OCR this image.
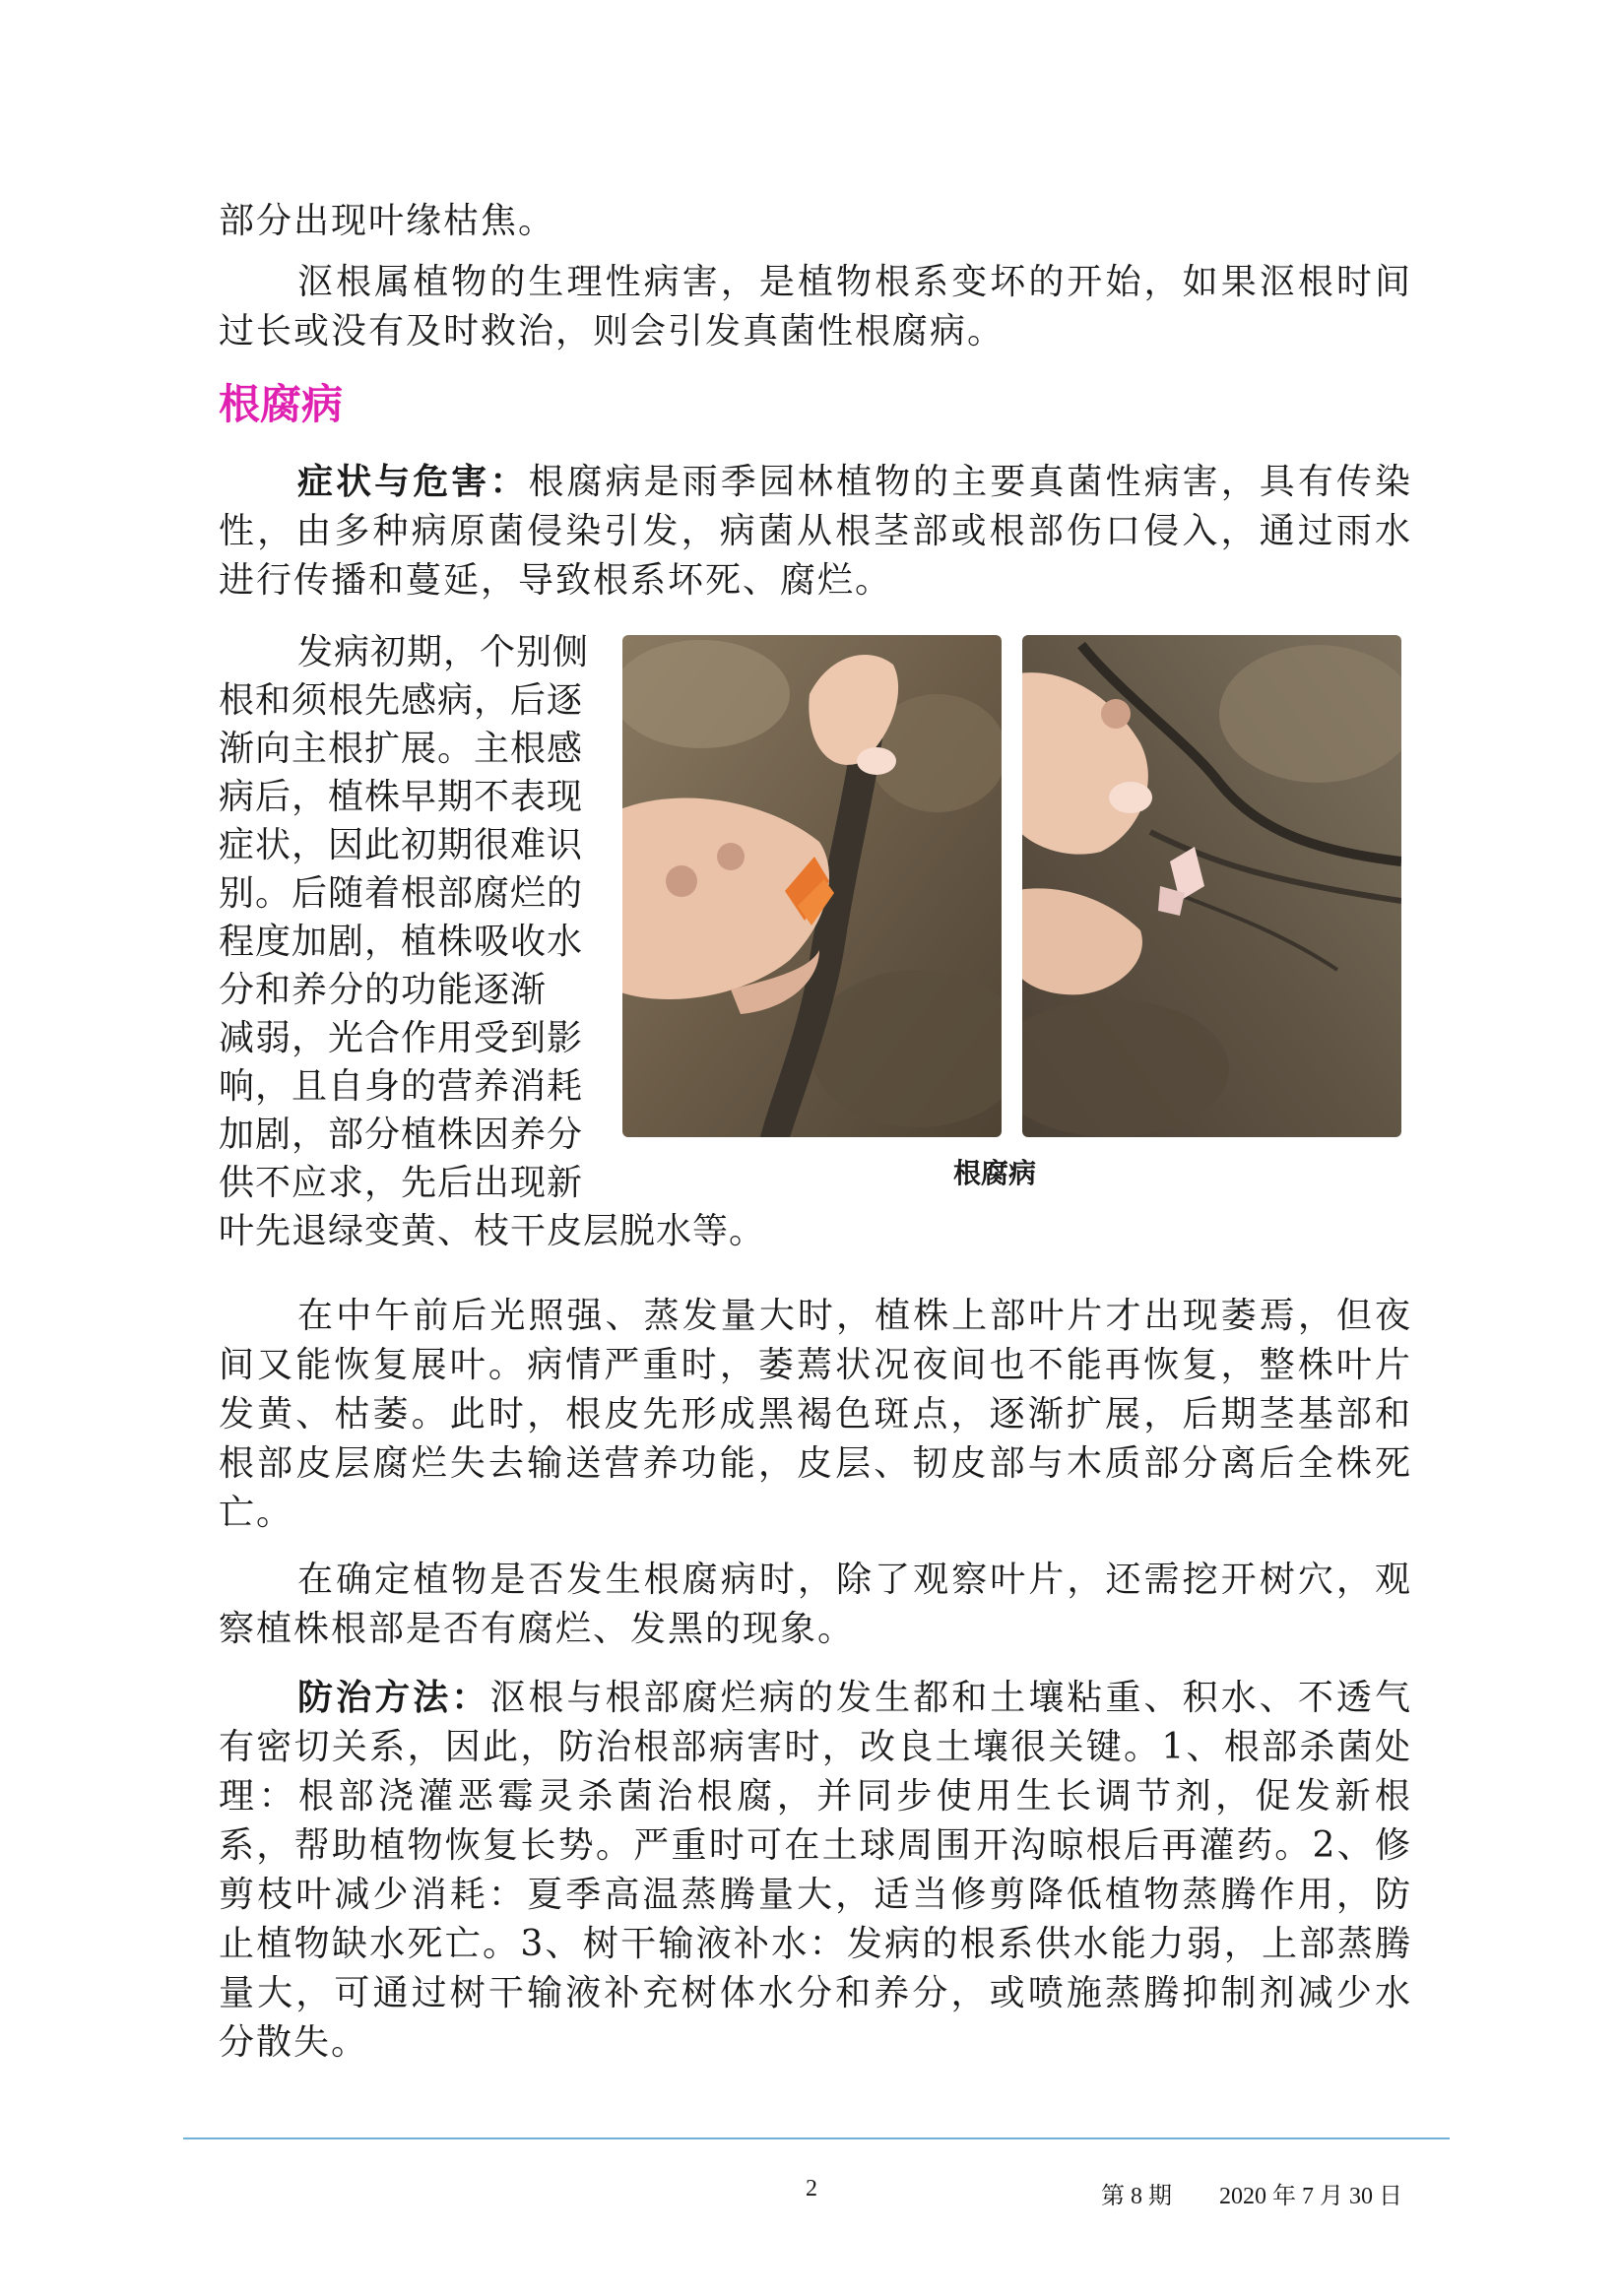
部分出现叶缘枯焦。

沤根属植物的生理性病害，是植物根系变坏的开始，如果沤根时间过长或没有及时救治，则会引发真菌性根腐病。

根腐病

症状与危害：根腐病是雨季园林植物的主要真菌性病害，具有传染性，由多种病原菌侵染引发，病菌从根茎部或根部伤口侵入，通过雨水进行传播和蔓延，导致根系坏死、腐烂。

发病初期，个别侧
根和须根先感病，后逐
渐向主根扩展。主根感
病后，植株早期不表现
症状，因此初期很难识
别。后随着根部腐烂的
程度加剧，植株吸收水
分和养分的功能逐渐
减弱，光合作用受到影
响，且自身的营养消耗
加剧，部分植株因养分
供不应求，先后出现新
叶先退绿变黄、枝干皮层脱水等。

根腐病

在中午前后光照强、蒸发量大时，植株上部叶片才出现萎焉，但夜间又能恢复展叶。病情严重时，萎蔫状况夜间也不能再恢复，整株叶片发黄、枯萎。此时，根皮先形成黑褐色斑点，逐渐扩展，后期茎基部和根部皮层腐烂失去输送营养功能，皮层、韧皮部与木质部分离后全株死亡。

在确定植物是否发生根腐病时，除了观察叶片，还需挖开树穴，观察植株根部是否有腐烂、发黑的现象。

防治方法：沤根与根部腐烂病的发生都和土壤粘重、积水、不透气有密切关系，因此，防治根部病害时，改良土壤很关键。1、根部杀菌处理：根部浇灌恶霉灵杀菌治根腐，并同步使用生长调节剂，促发新根系，帮助植物恢复长势。严重时可在土球周围开沟晾根后再灌药。2、修剪枝叶减少消耗：夏季高温蒸腾量大，适当修剪降低植物蒸腾作用，防止植物缺水死亡。3、树干输液补水：发病的根系供水能力弱，上部蒸腾量大，可通过树干输液补充树体水分和养分，或喷施蒸腾抑制剂减少水分散失。

2	第 8 期 2020 年 7 月 30 日
